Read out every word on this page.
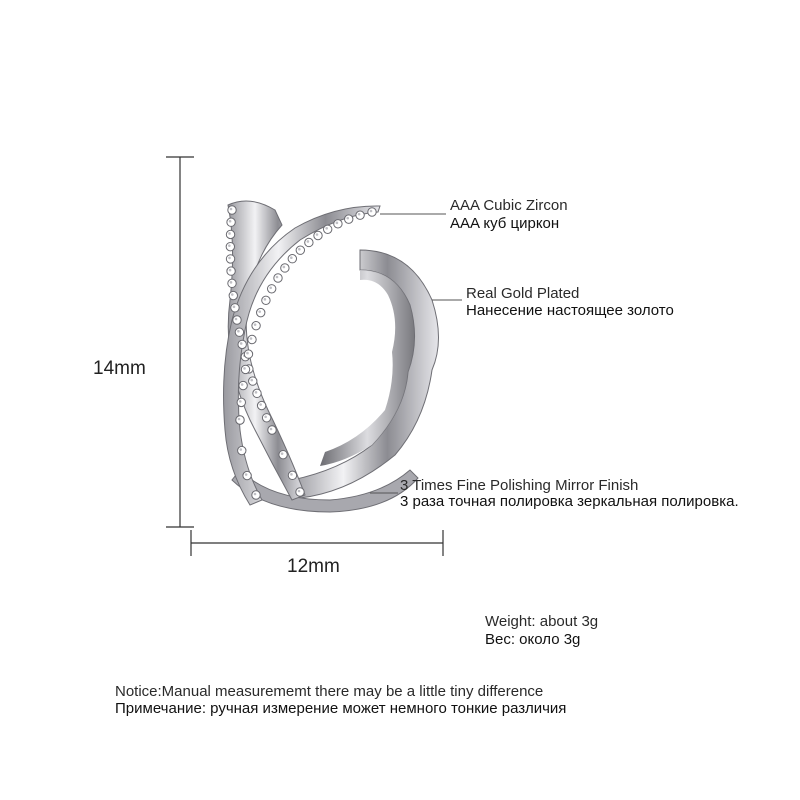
14mm
12mm
AAA Cubic Zircon
AAA куб циркон
Real Gold Plated
Нанесение настоящее золото
3 Times Fine Polishing Mirror Finish
3 раза точная полировка зеркальная полировка.
Weight: about 3g
Вес: около 3g
Notice:Manual measurememt there may be a little tiny difference
Примечание: ручная измерение может немного тонкие различия
